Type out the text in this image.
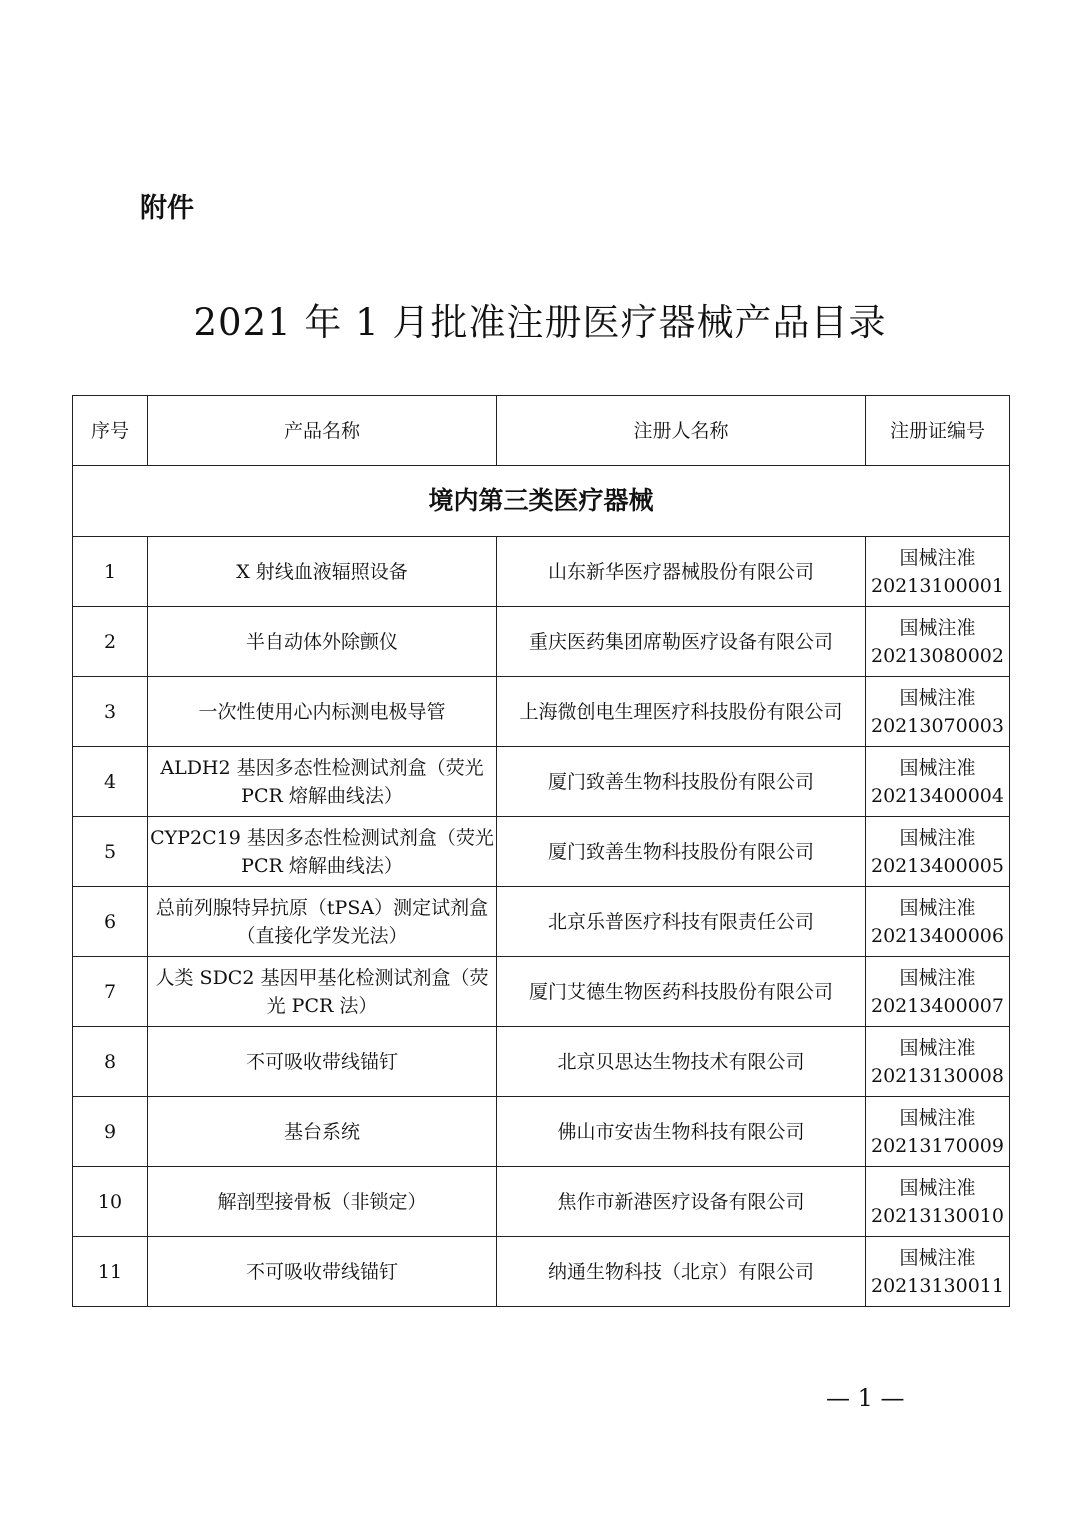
附件
2021 年 1 月批准注册医疗器械产品目录
序号	产品名称	注册人名称	注册证编号
境内第三类医疗器械			
1	X 射线血液辐照设备	山东新华医疗器械股份有限公司	国械注准
20213100001

2	半自动体外除颤仪	重庆医药集团席勒医疗设备有限公司	国械注准
20213080002

3	一次性使用心内标测电极导管	上海微创电生理医疗科技股份有限公司	国械注准
20213070003

4	ALDH2 基因多态性检测试剂盒（荧光 PCR 熔解曲线法）	厦门致善生物科技股份有限公司	国械注准
20213400004

5	CYP2C19 基因多态性检测试剂盒（荧光 PCR 熔解曲线法）	厦门致善生物科技股份有限公司	国械注准
20213400005

6	总前列腺特异抗原（tPSA）测定试剂盒（直接化学发光法）	北京乐普医疗科技有限责任公司	国械注准
20213400006

7	人类 SDC2 基因甲基化检测试剂盒（荧光 PCR 法）	厦门艾德生物医药科技股份有限公司	国械注准
20213400007

8	不可吸收带线锚钉	北京贝思达生物技术有限公司	国械注准
20213130008

9	基台系统	佛山市安齿生物科技有限公司	国械注准
20213170009

10	解剖型接骨板（非锁定）	焦作市新港医疗设备有限公司	国械注准
20213130010

11	不可吸收带线锚钉	纳通生物科技（北京）有限公司	国械注准
20213130011
— 1 —
